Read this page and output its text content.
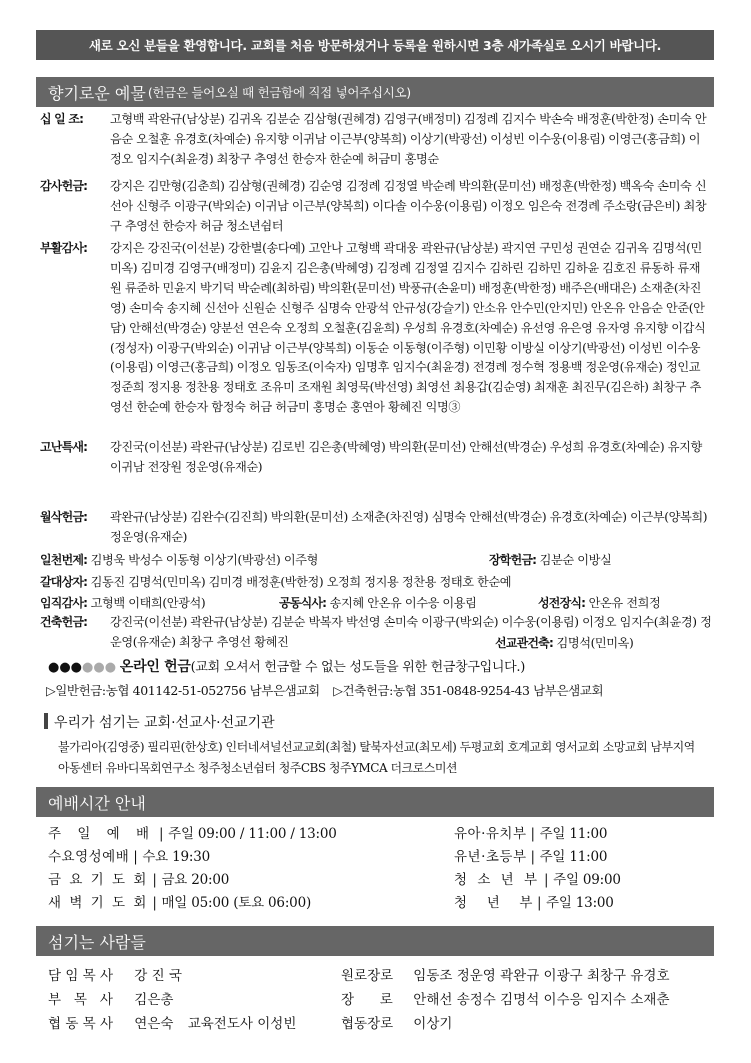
새로 오신 분들을 환영합니다. 교회를 처음 방문하셨거나 등록을 원하시면 3층 새가족실로 오시기 바랍니다.
향기로운 예물 (헌금은 들어오실 때 헌금함에 직접 넣어주십시오)
십 일 조:	고형백 곽완규(남상분) 김귀옥 김분순 김삼형(권혜경) 김영구(배정미) 김정례 김지수 박손숙 배정훈(박한정) 손미숙 안음순 오철훈 유경호(차예순) 유지향 이귀남 이근부(양복희) 이상기(박광선) 이성빈 이수웅(이용림) 이영근(홍금희) 이정오 임지수(최윤경) 최창구 추영선 한승자 한순예 허금미 홍명순
감사헌금:	강지은 김만형(김춘희) 김삼형(권혜경) 김순영 김정례 김정열 박순례 박의환(문미선) 배정훈(박한정) 백옥숙 손미숙 신선아 신형주 이광구(박외순) 이귀남 이근부(양복희) 이다솔 이수웅(이용림) 이정오 임은숙 전경례 주소랑(금은비) 최창구 추영선 한승자 허금 청소년쉼터
부활감사:	강지은 강진국(이선분) 강한별(송다예) 고안나 고형백 곽대웅 곽완규(남상분) 곽지연 구민성 권연순 김귀옥 김명석(민미옥) 김미경 김영구(배정미) 김윤지 김은총(박혜영) 김정례 김정열 김지수 김하린 김하민 김하윤 김호진 류동하 류재원 류준하 민윤지 박기덕 박순례(최하림) 박의환(문미선) 박풍규(손윤미) 배정훈(박한정) 배주은(배대은) 소재춘(차진영) 손미숙 송지혜 신선아 신원순 신형주 심명숙 안광석 안규성(강슬기) 안소유 안수민(안지민) 안온유 안음순 안준(안담) 안해선(박경순) 양분선 연은숙 오정희 오철훈(김윤희) 우성희 유경호(차예순) 유선영 유은영 유자영 유지향 이갑식(정성자) 이광구(박외순) 이귀남 이근부(양복희) 이동순 이동형(이주형) 이민황 이방실 이상기(박광선) 이성빈 이수웅(이용림) 이영근(홍금희) 이정오 임동조(이숙자) 임명후 임지수(최윤경) 전경례 정수혁 정용백 정운영(유재순) 정인교 정준희 정지용 정찬용 정태호 조유미 조재원 최영묵(박선영) 최영선 최용갑(김순영) 최재훈 최진무(김은하) 최창구 추영선 한순예 한승자 함정숙 허금 허금미 홍명순 홍연아 황혜진 익명③
고난특새:	강진국(이선분) 곽완규(남상분) 김로빈 김은총(박혜영) 박의환(문미선) 안해선(박경순) 우성희 유경호(차예순) 유지향 이귀남 전장원 정운영(유재순)
월삭헌금:	곽완규(남상분) 김완수(김진희) 박의환(문미선) 소재춘(차진영) 심명숙 안해선(박경순) 유경호(차예순) 이근부(양복희) 정운영(유재순)
일천번제: 김병욱 박성수 이동형 이상기(박광선) 이주형	장학헌금: 김분순 이방실
갈대상자: 김동진 김명석(민미옥) 김미경 배정훈(박한정) 오정희 정지용 정찬용 정태호 한순예
임직감사: 고형백 이태희(안광석)	공동식사: 송지혜 안온유 이수응 이용림	성전장식: 안온유 전희정
건축헌금:	강진국(이선분) 곽완규(남상분) 김분순 박복자 박선영 손미숙 이광구(박외순) 이수웅(이용림) 이정오 임지수(최윤경) 정운영(유재순) 최창구 추영선 황혜진	선교관건축: 김명석(민미옥)
●●●●●● 온라인 헌금(교회 오셔서 헌금할 수 없는 성도들을 위한 헌금창구입니다.)
▷일반헌금:농협 401142-51-052756 남부은샘교회 ▷건축헌금:농협 351-0848-9254-43 남부은샘교회
우리가 섬기는 교회·선교사·선교기관
불가리아(김영중) 필리핀(한상호) 인터네셔널선교교회(최철) 탈북자선교(최모세) 두평교회 호계교회 영서교회 소망교회 남부지역아동센터 유바디목회연구소 청주청소년쉼터 청주CBS 청주YMCA 더크로스미션
예배시간 안내
주 일 예 배 | 주일 09:00 / 11:00 / 13:00
수요영성예배 | 수요 19:30
금 요 기 도 회 | 금요 20:00
새 벽 기 도 회 | 매일 05:00 (토요 06:00)
유아·유치부 | 주일 11:00
유년·초등부 | 주일 11:00
청 소 년 부 | 주일 09:00
청    년    부 | 주일 13:00
섬기는 사람들
담 임 목 사 강 진 국	원로장로 임동조 정운영 곽완규 이광구 최창구 유경호
부   목   사 김은총	장      로 안해선 송정수 김명석 이수응 임지수 소재춘
협 동 목 사 연은숙 교육전도사 이성빈	협동장로 이상기
